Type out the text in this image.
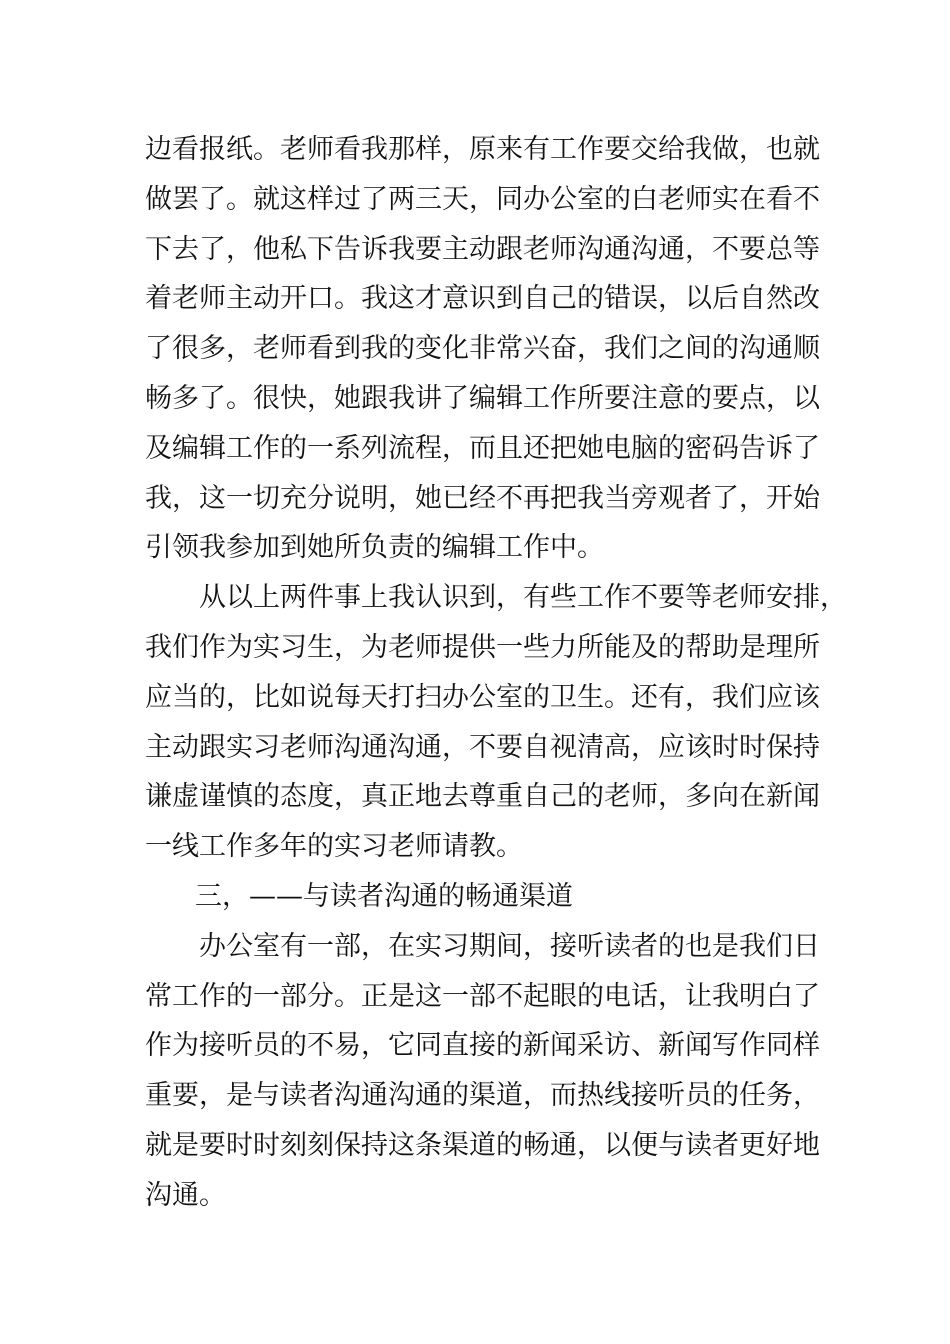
边看报纸。老师看我那样，原来有工作要交给我做，也就
做罢了。就这样过了两三天，同办公室的白老师实在看不
下去了，他私下告诉我要主动跟老师沟通沟通，不要总等
着老师主动开口。我这才意识到自己的错误，以后自然改
了很多，老师看到我的变化非常兴奋，我们之间的沟通顺
畅多了。很快，她跟我讲了编辑工作所要注意的要点，以
及编辑工作的一系列流程，而且还把她电脑的密码告诉了
我，这一切充分说明，她已经不再把我当旁观者了，开始
引领我参加到她所负责的编辑工作中。
从以上两件事上我认识到，有些工作不要等老师安排，
我们作为实习生，为老师提供一些力所能及的帮助是理所
应当的，比如说每天打扫办公室的卫生。还有，我们应该
主动跟实习老师沟通沟通，不要自视清高，应该时时保持
谦虚谨慎的态度，真正地去尊重自己的老师，多向在新闻
一线工作多年的实习老师请教。
三，——与读者沟通的畅通渠道
办公室有一部，在实习期间，接听读者的也是我们日
常工作的一部分。正是这一部不起眼的电话，让我明白了
作为接听员的不易，它同直接的新闻采访、新闻写作同样
重要，是与读者沟通沟通的渠道，而热线接听员的任务，
就是要时时刻刻保持这条渠道的畅通，以便与读者更好地
沟通。
